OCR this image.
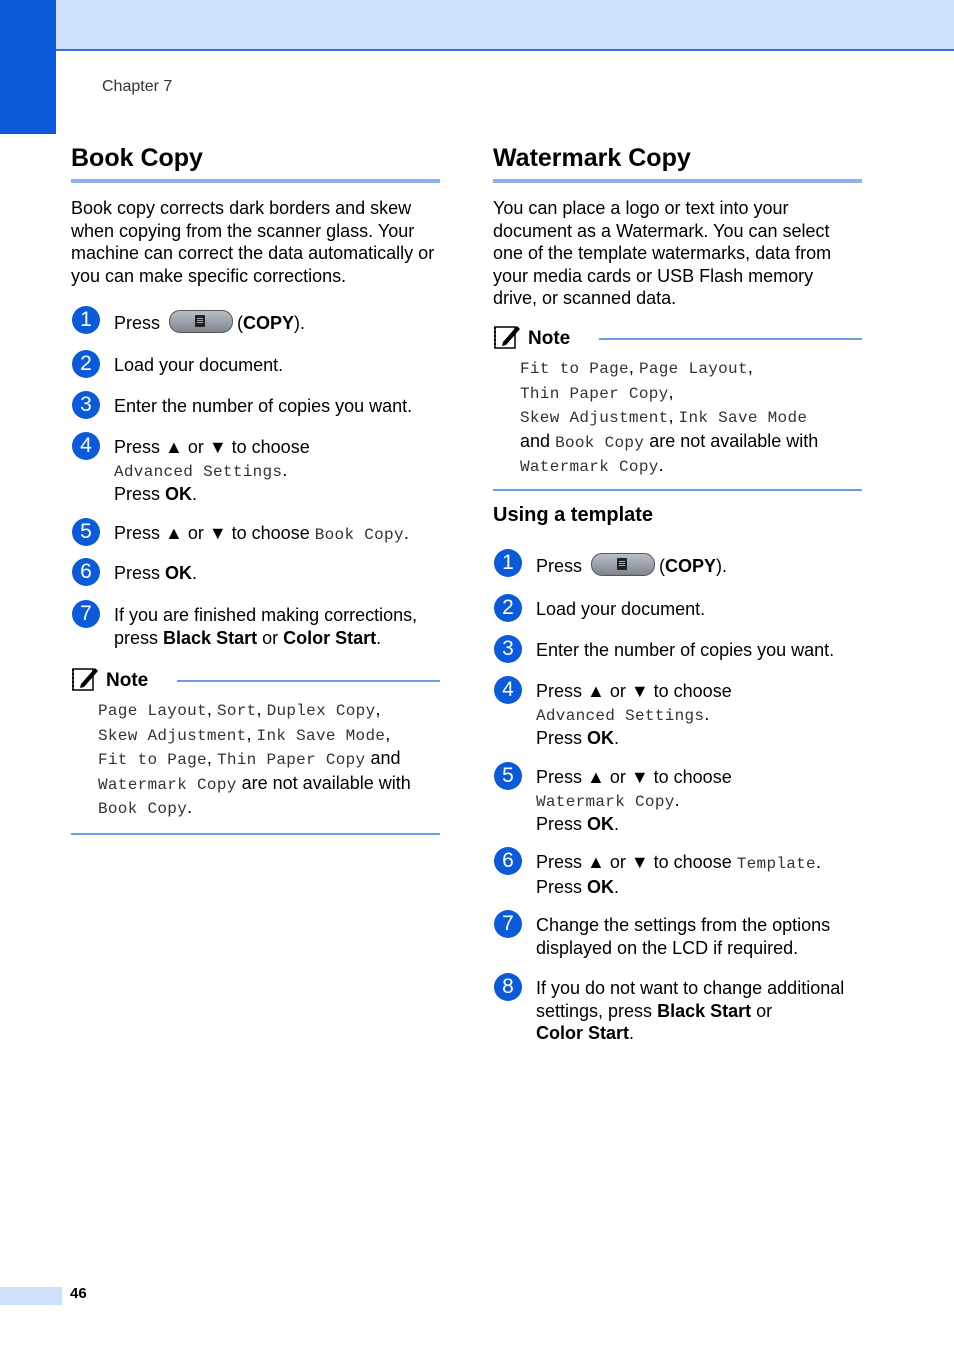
Chapter 7
Book Copy

Book copy corrects dark borders and skew when copying from the scanner glass. Your machine can correct the data automatically or you can make specific corrections.

1	Press	(COPY).
2	Load your document.
3	Enter the number of copies you want.
4	Press ▲ or ▼ to choose
Advanced Settings.
Press OK.
5	Press ▲ or ▼ to choose Book Copy.
6	Press OK.
7	If you are finished making corrections,
press Black Start or Color Start.
Note
Page Layout, Sort, Duplex Copy,
Skew Adjustment, Ink Save Mode,
Fit to Page, Thin Paper Copy and
Watermark Copy are not available with
Book Copy.
Watermark Copy

You can place a logo or text into your document as a Watermark. You can select one of the template watermarks, data from your media cards or USB Flash memory drive, or scanned data.

Note
Fit to Page, Page Layout,
Thin Paper Copy,
Skew Adjustment, Ink Save Mode
and Book Copy are not available with
Watermark Copy.
Using a template
1	Press	(COPY).
2	Load your document.
3	Enter the number of copies you want.
4	Press ▲ or ▼ to choose
Advanced Settings.
Press OK.
5	Press ▲ or ▼ to choose
Watermark Copy.
Press OK.
6	Press ▲ or ▼ to choose Template.
Press OK.
7	Change the settings from the options
displayed on the LCD if required.
8	If you do not want to change additional
settings, press Black Start or
Color Start.
46
